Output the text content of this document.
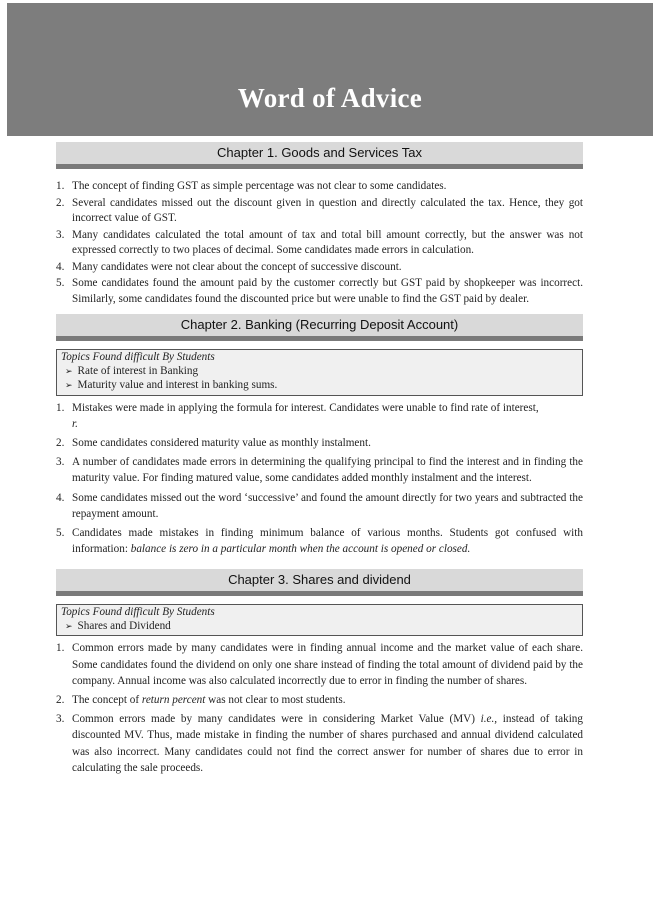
Word of Advice
Chapter 1. Goods and Services Tax
1. The concept of finding GST as simple percentage was not clear to some candidates.
2. Several candidates missed out the discount given in question and directly calculated the tax. Hence, they got incorrect value of GST.
3. Many candidates calculated the total amount of tax and total bill amount correctly, but the answer was not expressed correctly to two places of decimal. Some candidates made errors in calculation.
4. Many candidates were not clear about the concept of successive discount.
5. Some candidates found the amount paid by the customer correctly but GST paid by shopkeeper was incorrect. Similarly, some candidates found the discounted price but were unable to find the GST paid by dealer.
Chapter 2. Banking (Recurring Deposit Account)
Topics Found difficult By Students
➢ Rate of interest in Banking
➢ Maturity value and interest in banking sums.
1. Mistakes were made in applying the formula for interest. Candidates were unable to find rate of interest,
r.
2. Some candidates considered maturity value as monthly instalment.
3. A number of candidates made errors in determining the qualifying principal to find the interest and in finding the maturity value. For finding matured value, some candidates added monthly instalment and the interest.
4. Some candidates missed out the word ‘successive’ and found the amount directly for two years and subtracted the repayment amount.
5. Candidates made mistakes in finding minimum balance of various months. Students got confused with information: balance is zero in a particular month when the account is opened or closed.
Chapter 3. Shares and dividend
Topics Found difficult By Students
➢ Shares and Dividend
1. Common errors made by many candidates were in finding annual income and the market value of each share. Some candidates found the dividend on only one share instead of finding the total amount of dividend paid by the company. Annual income was also calculated incorrectly due to error in finding the number of shares.
2. The concept of return percent was not clear to most students.
3. Common errors made by many candidates were in considering Market Value (MV) i.e., instead of taking discounted MV. Thus, made mistake in finding the number of shares purchased and annual dividend calculated was also incorrect. Many candidates could not find the correct answer for number of shares due to error in calculating the sale proceeds.
